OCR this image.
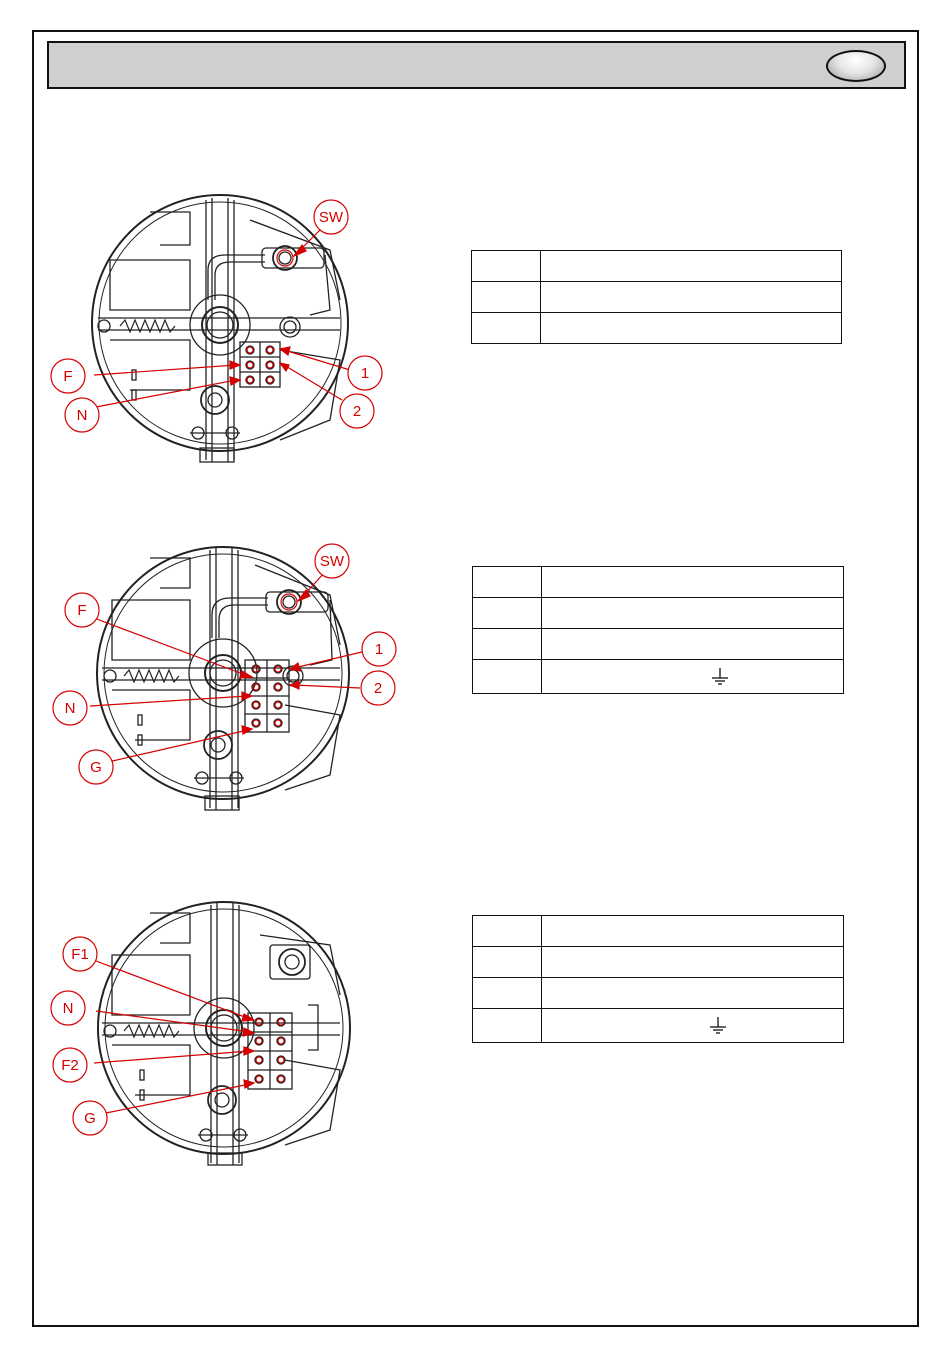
SW
F
N
1
2

SW
F
N
G
1
2

F1
N
F2
G
